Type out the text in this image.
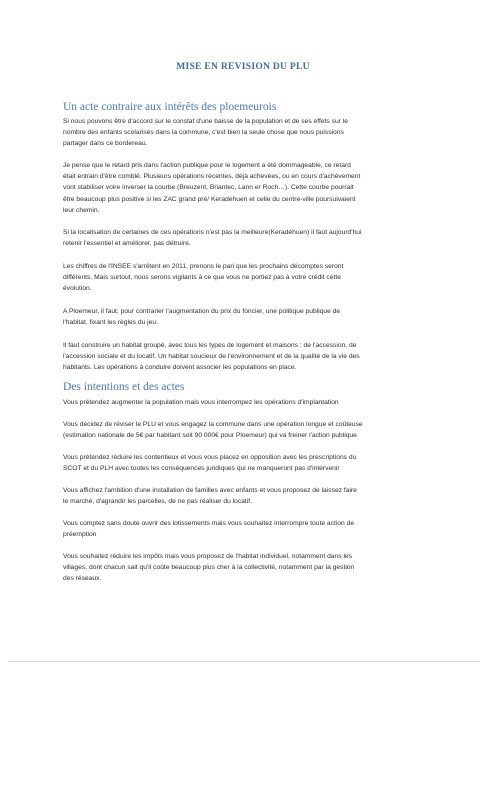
MISE EN REVISION DU PLU
Un acte contraire aux intérêts des ploemeurois
Si nous pouvons être d'accord sur le constat d'une baisse de la population et de ses effets sur le
nombre des enfants scolarisés dans la commune, c'est bien la seule chose que nous puissions
partager dans ce bordereau.
Je pense que le retard pris dans l'action publique pour le logement a été dommageable, ce retard
était entrain d'être comblé. Plusieurs opérations récentes, déjà achevées, ou en cours d'achèvement
vont stabiliser voire inverser la courbe (Breuzent, Briantec, Lann er Roch…). Cette courbe pourrait
être beaucoup plus positive si les ZAC grand pré/ Keradehuen et celle du centre-ville poursuivaient
leur chemin.
Si la localisation de certaines de ces opérations n'est pas la meilleure(Keradéhuen) il faut aujourd'hui
retenir l'essentiel et améliorer, pas détruire.
Les chiffres de l'INSEE s'arrêtent en 2011, prenons le pari que les prochains décomptes seront
différents. Mais surtout, nous serons vigilants à ce que vous ne portiez pas à votre crédit cette
évolution.
A Ploemeur, il faut, pour contrarier l'augmentation du prix du foncier, une politique publique de
l'habitat, fixant les règles du jeu.
Il faut construire un habitat groupé, avec tous les types de logement et maisons : de l'accession, de
l'accession sociale et du locatif. Un habitat soucieux de l'environnement et de la qualité de la vie des
habitants. Les opérations à conduire doivent associer les populations en place.
Des intentions et des actes
Vous prétendez augmenter la population mais vous interrompez les opérations d'implantation
Vous décidez de réviser le PLU et vous engagez la commune dans une opération longue et coûteuse
(estimation nationale de 5€ par habitant soit 90 000€ pour Ploemeur) qui va freiner l'action publique
Vous prétendez réduire les contentieux et vous vous placez en opposition avec les prescriptions du
SCOT et du PLH avec toutes les conséquences juridiques qui ne manqueront pas d'intervenir
Vous affichez l'ambition d'une installation de familles avec enfants et vous proposez de laissez faire
le marché, d'agrandir les parcelles, de ne pas réaliser du locatif.
Vous comptez sans doute ouvrir des lotissements mais vous souhaitez interrompre toute action de
préemption
Vous souhaitez réduire les impôts mais vous proposez de l'habitat individuel, notamment dans les
villages, dont chacun sait qu'il coûte beaucoup plus cher à la collectivité, notamment par la gestion
des réseaux.
